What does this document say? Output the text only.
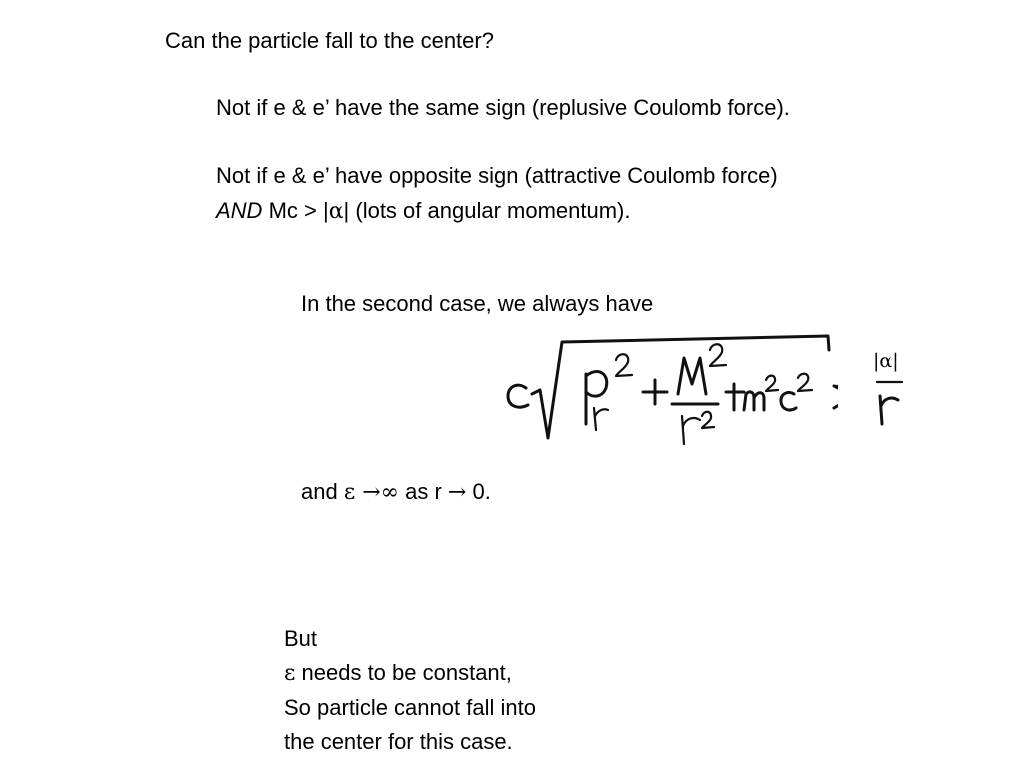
Can the particle fall to the center?

Not if e & e’ have the same sign (replusive Coulomb force).

Not if e & e’ have opposite sign (attractive Coulomb force)

AND Mc > |α| (lots of angular momentum).

In the second case, we always have

|α|

and ε →∞ as r → 0.

But
ε needs to be constant,
So particle cannot fall into
the center for this case.
